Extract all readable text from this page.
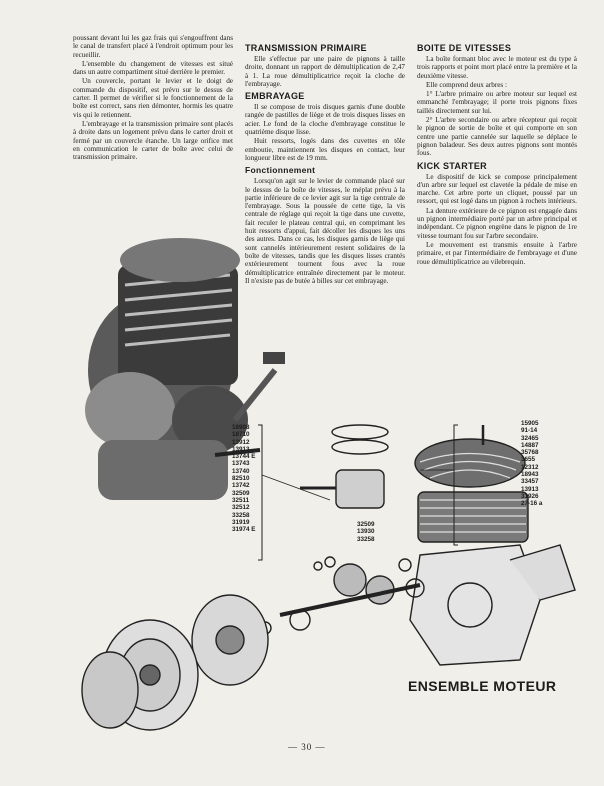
poussant devant lui les gaz frais qui s'engouffrent dans le canal de transfert placé à l'endroit optimum pour les recueillir.

L'ensemble du changement de vitesses est situé dans un autre compartiment situé derrière le premier.

Un couvercle, portant le levier et le doigt de commande du dispositif, est prévu sur le dessus de carter. Il permet de vérifier si le fonctionnement de la boîte est correct, sans rien démonter, hormis les quatre vis qui le retiennent.

L'embrayage et la transmission primaire sont placés à droite dans un logement prévu dans le carter droit et fermé par un couvercle étanche. Un large orifice met en communication le carter de boîte avec celui de transmission primaire.

TRANSMISSION PRIMAIRE

Elle s'effectue par une paire de pignons à taille droite, donnant un rapport de démultiplication de 2,47 à 1. La roue démultiplicatrice reçoit la cloche de l'embrayage.

EMBRAYAGE

Il se compose de trois disques garnis d'une double rangée de pastilles de liège et de trois disques lisses en acier. Le fond de la cloche d'embrayage constitue le quatrième disque lisse.

Huit ressorts, logés dans des cuvettes en tôle emboutie, maintiennent les disques en contact, leur longueur libre est de 19 mm.

Fonctionnement

Lorsqu'on agit sur le levier de commande placé sur le dessus de la boîte de vitesses, le méplat prévu à la partie inférieure de ce levier agit sur la tige centrale de l'embrayage. Sous la poussée de cette tige, la vis centrale de réglage qui reçoit la tige dans une cuvette, fait reculer le plateau central qui, en comprimant les huit ressorts d'appui, fait décoller les disques les uns des autres. Dans ce cas, les disques garnis de liège qui sont cannelés intérieurement restent solidaires de la boîte de vitesses, tandis que les disques lisses crantés extérieurement tournent fous avec la roue démultiplicatrice entraînée directement par le moteur. Il n'existe pas de butée à billes sur cet embrayage.

BOITE DE VITESSES

La boîte formant bloc avec le moteur est du type à trois rapports et point mort placé entre la première et la deuxième vitesse.

Elle comprend deux arbres :

1° L'arbre primaire ou arbre moteur sur lequel est emmanché l'embrayage; il porte trois pignons fixes taillés directement sur lui.

2° L'arbre secondaire ou arbre récepteur qui reçoit le pignon de sortie de boîte et qui comporte en son centre une partie cannelée sur laquelle se déplace le pignon baladeur. Ses deux autres pignons sont montés fous.

KICK STARTER

Le dispositif de kick se compose principalement d'un arbre sur lequel est clavetée la pédale de mise en marche. Cet arbre porte un cliquet, poussé par un ressort, qui est logé dans un pignon à rochets intérieurs.

La denture extérieure de ce pignon est engagée dans un pignon intermédiaire porté par un arbre principal et indépendant. Ce pignon engrène dans le pignon de 1re vitesse tournant fou sur l'arbre secondaire.

Le mouvement est transmis ensuite à l'arbre primaire, et par l'intermédiaire de l'embrayage et d'une roue démultiplicatrice au vilebrequin.

18908
18710
13912
13913
13744 E
13743
13740
82510
13742
32509
32511
32512
33258
31919
31974 E
15905
91-14
32465
14887
35768
3655
12312
18943
33457
13913
31926
27-16 a
32509
13930
33258
ENSEMBLE MOTEUR
— 30 —
